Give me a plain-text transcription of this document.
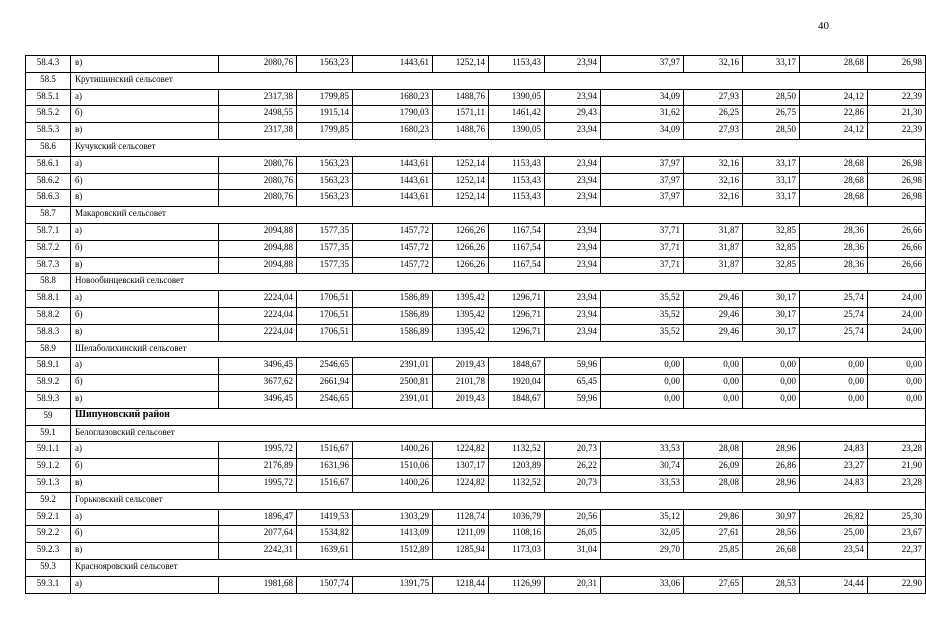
40
58.4.3	в)	2080,76	1563,23	1443,61	1252,14	1153,43	23,94	37,97	32,16	33,17	28,68	26,98
58.5	Крутишинский сельсовет											
58.5.1	а)	2317,38	1799,85	1680,23	1488,76	1390,05	23,94	34,09	27,93	28,50	24,12	22,39
58.5.2	б)	2498,55	1915,14	1790,03	1571,11	1461,42	29,43	31,62	26,25	26,75	22,86	21,30
58.5.3	в)	2317,38	1799,85	1680,23	1488,76	1390,05	23,94	34,09	27,93	28,50	24,12	22,39
58.6	Кучукский сельсовет											
58.6.1	а)	2080,76	1563,23	1443,61	1252,14	1153,43	23,94	37,97	32,16	33,17	28,68	26,98
58.6.2	б)	2080,76	1563,23	1443,61	1252,14	1153,43	23,94	37,97	32,16	33,17	28,68	26,98
58.6.3	в)	2080,76	1563,23	1443,61	1252,14	1153,43	23,94	37,97	32,16	33,17	28,68	26,98
58.7	Макаровский сельсовет											
58.7.1	а)	2094,88	1577,35	1457,72	1266,26	1167,54	23,94	37,71	31,87	32,85	28,36	26,66
58.7.2	б)	2094,88	1577,35	1457,72	1266,26	1167,54	23,94	37,71	31,87	32,85	28,36	26,66
58.7.3	в)	2094,88	1577,35	1457,72	1266,26	1167,54	23,94	37,71	31,87	32,85	28,36	26,66
58.8	Новообинцевский сельсовет											
58.8.1	а)	2224,04	1706,51	1586,89	1395,42	1296,71	23,94	35,52	29,46	30,17	25,74	24,00
58.8.2	б)	2224,04	1706,51	1586,89	1395,42	1296,71	23,94	35,52	29,46	30,17	25,74	24,00
58.8.3	в)	2224,04	1706,51	1586,89	1395,42	1296,71	23,94	35,52	29,46	30,17	25,74	24,00
58.9	Шелаболихинский сельсовет											
58.9.1	а)	3496,45	2546,65	2391,01	2019,43	1848,67	59,96	0,00	0,00	0,00	0,00	0,00
58.9.2	б)	3677,62	2661,94	2500,81	2101,78	1920,04	65,45	0,00	0,00	0,00	0,00	0,00
58.9.3	в)	3496,45	2546,65	2391,01	2019,43	1848,67	59,96	0,00	0,00	0,00	0,00	0,00
59	Шипуновский район											
59.1	Белоглазовский сельсовет											
59.1.1	а)	1995,72	1516,67	1400,26	1224,82	1132,52	20,73	33,53	28,08	28,96	24,83	23,28
59.1.2	б)	2176,89	1631,96	1510,06	1307,17	1203,89	26,22	30,74	26,09	26,86	23,27	21,90
59.1.3	в)	1995,72	1516,67	1400,26	1224,82	1132,52	20,73	33,53	28,08	28,96	24,83	23,28
59.2	Горьковский сельсовет											
59.2.1	а)	1896,47	1419,53	1303,29	1128,74	1036,79	20,56	35,12	29,86	30,97	26,82	25,30
59.2.2	б)	2077,64	1534,82	1413,09	1211,09	1108,16	26,05	32,05	27,61	28,56	25,00	23,67
59.2.3	в)	2242,31	1639,61	1512,89	1285,94	1173,03	31,04	29,70	25,85	26,68	23,54	22,37
59.3	Краснояровский сельсовет											
59.3.1	а)	1981,68	1507,74	1391,75	1218,44	1126,99	20,31	33,06	27,65	28,53	24,44	22,90
